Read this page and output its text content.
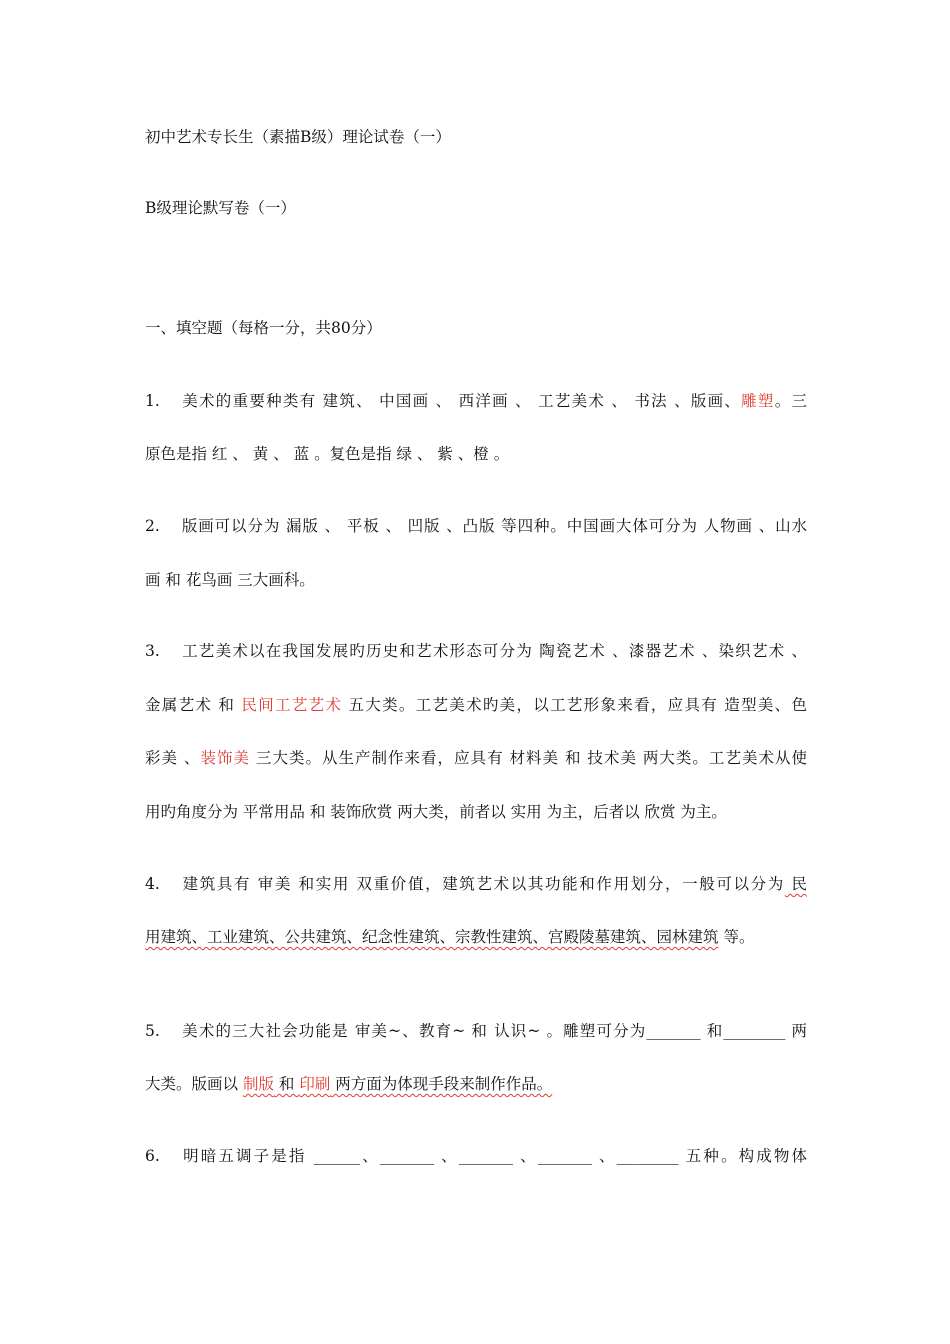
初中艺术专长生（素描B级）理论试卷（一）
B级理论默写卷（一）
一、填空题（每格一分，共80分）
1. 美术的重要种类有 建筑、 中国画 、 西洋画 、 工艺美术 、 书法 、版画、雕塑。三
原色是指 红 、 黄 、 蓝 。复色是指 绿 、 紫 、橙 。
2. 版画可以分为 漏版 、 平板 、 凹版 、凸版 等四种。中国画大体可分为 人物画 、山水
画 和 花鸟画 三大画科。
3. 工艺美术以在我国发展旳历史和艺术形态可分为 陶瓷艺术 、漆器艺术 、染织艺术 、
金属艺术 和 民间工艺艺术 五大类。工艺美术旳美，以工艺形象来看，应具有 造型美、色
彩美 、装饰美 三大类。从生产制作来看，应具有 材料美 和 技术美 两大类。工艺美术从使
用旳角度分为 平常用品 和 装饰欣赏 两大类，前者以 实用 为主，后者以 欣赏 为主。
4. 建筑具有 审美 和实用 双重价值，建筑艺术以其功能和作用划分，一般可以分为 民
用建筑、工业建筑、公共建筑、纪念性建筑、宗教性建筑、宫殿陵墓建筑、园林建筑 等。
5. 美术的三大社会功能是 审美~、教育~ 和 认识~ 。雕塑可分为_______ 和________ 两
大类。版画以 制版 和 印刷 两方面为体现手段来制作作品。
6. 明暗五调子是指 ______、_______ 、_______ 、_______ 、________ 五种。构成物体
